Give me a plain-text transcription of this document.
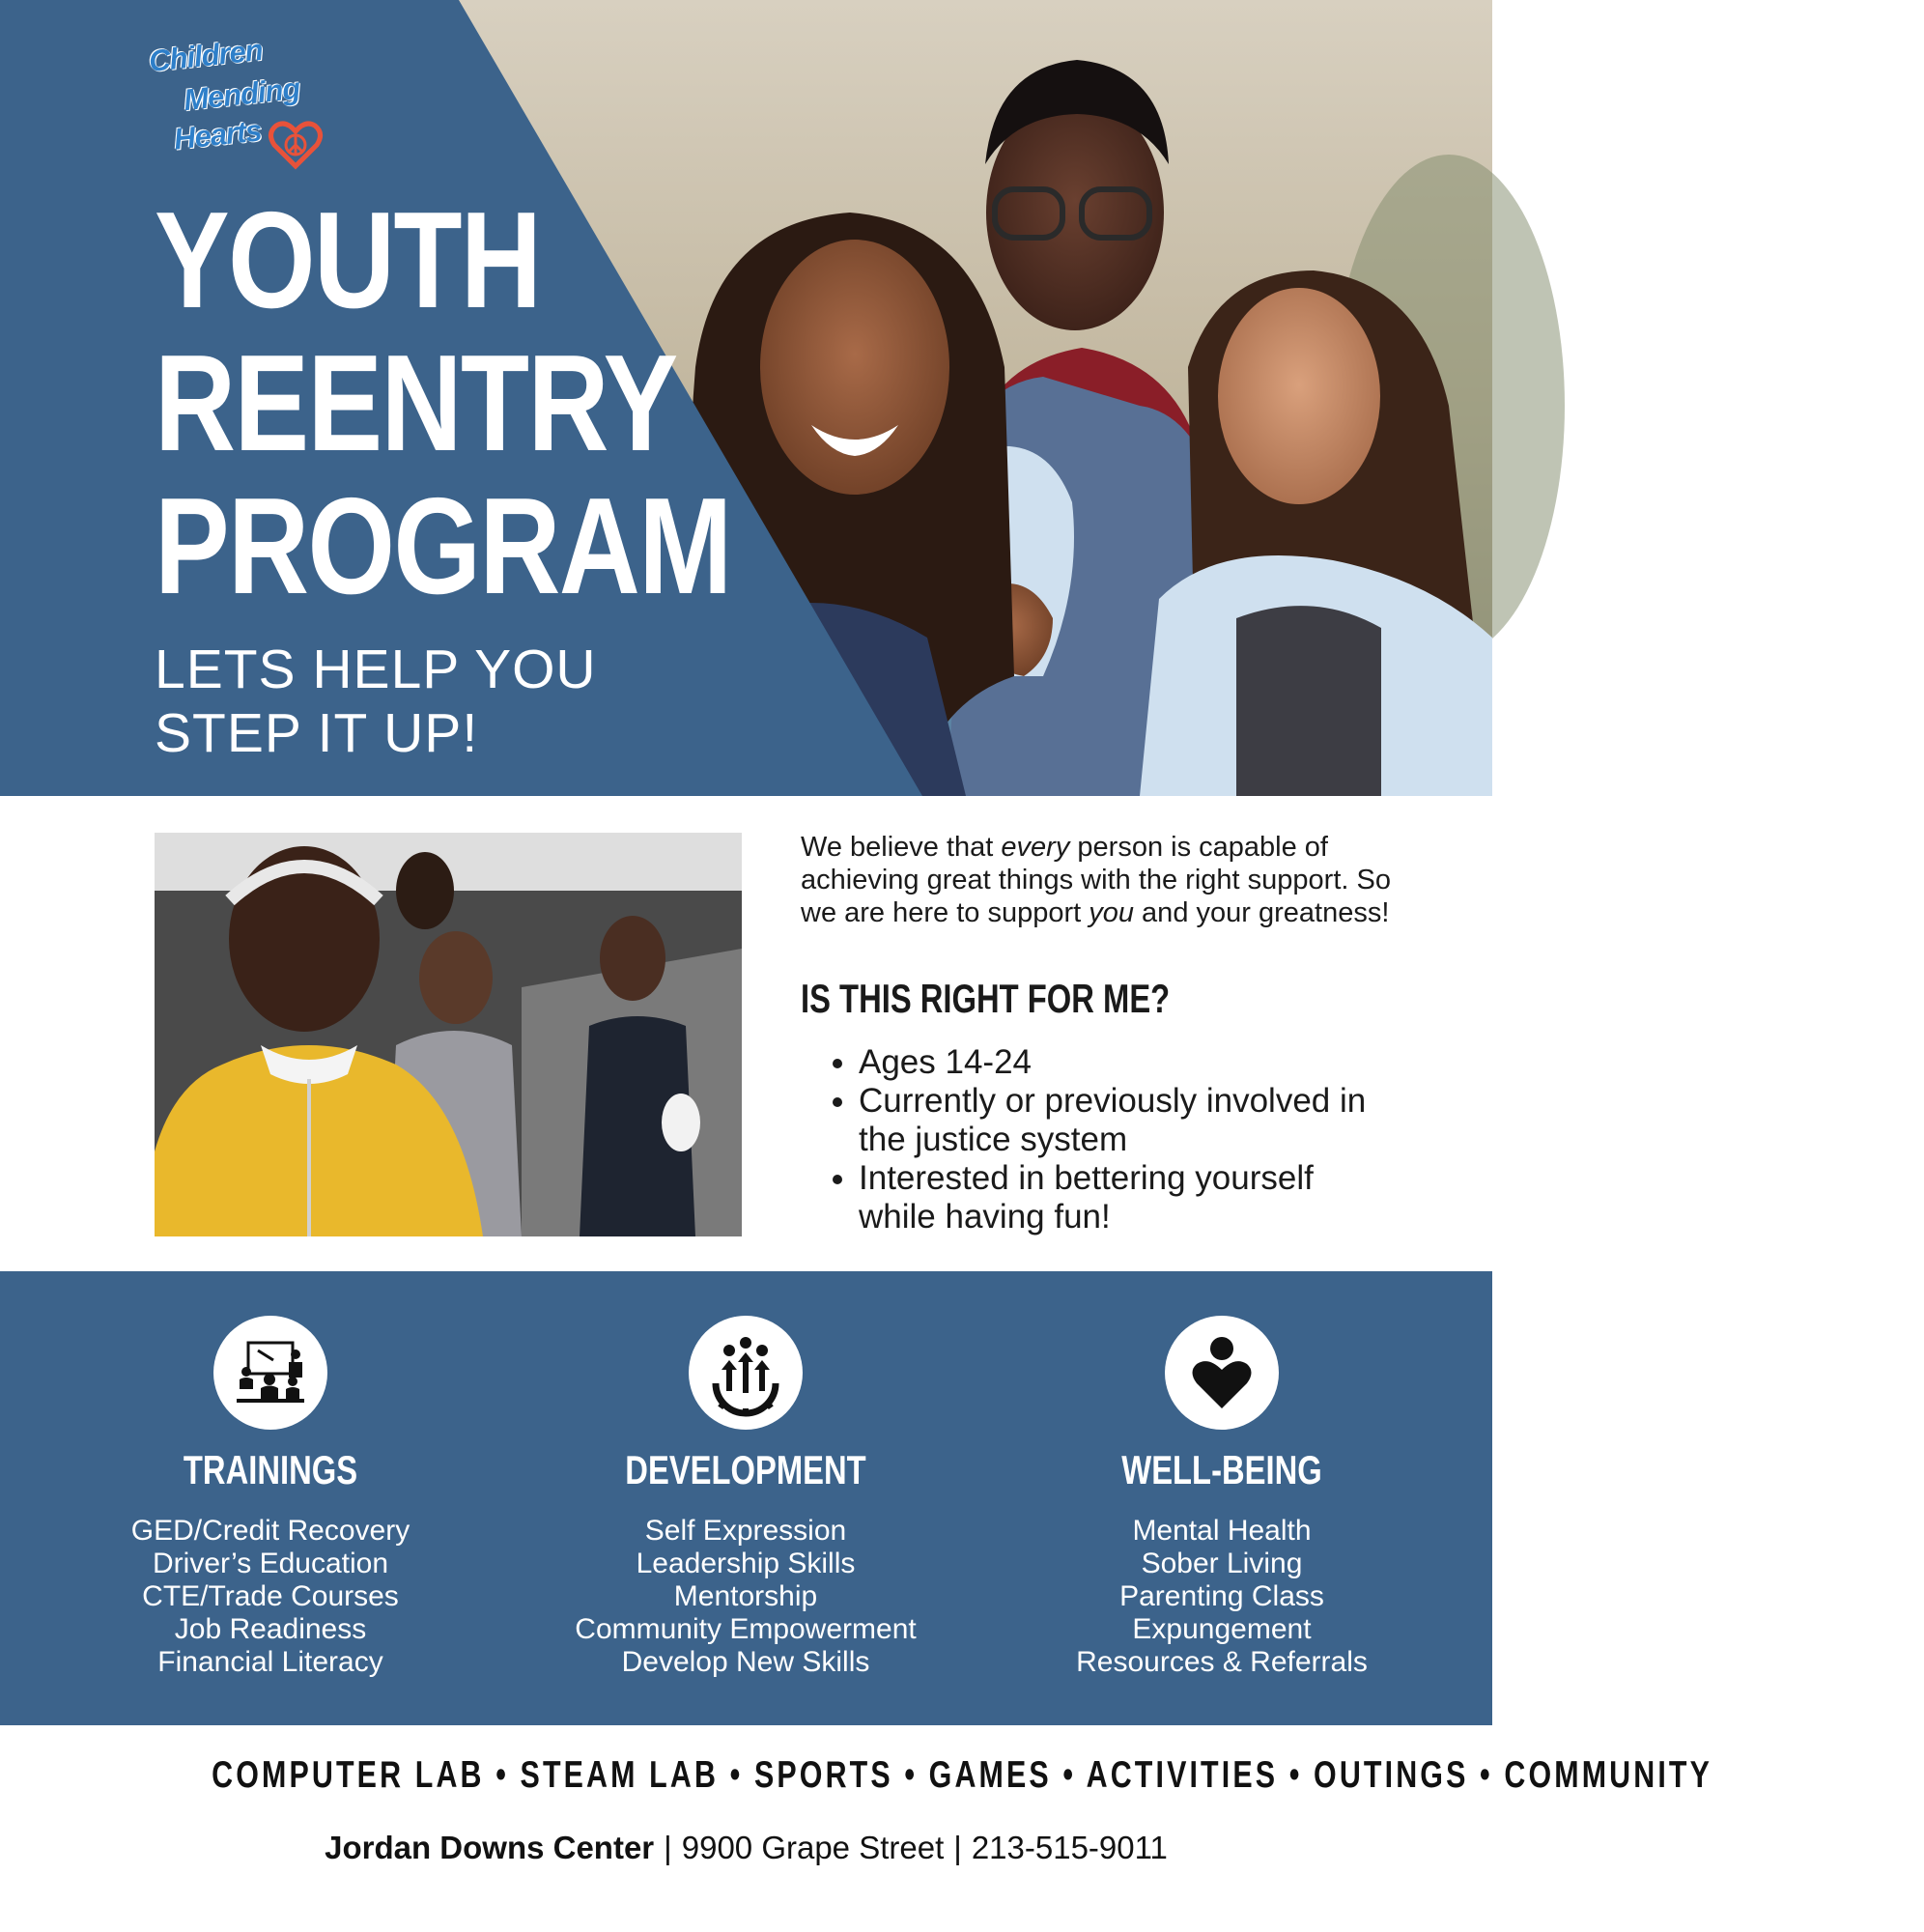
Children
Mending
Hearts
YOUTH
REENTRY
PROGRAM
LETS HELP YOU
STEP IT UP!

We believe that every person is capable of achieving great things with the right support. So we are here to support you and your greatness!

IS THIS RIGHT FOR ME?
• Ages 14-24
• Currently or previously involved in the justice system
• Interested in bettering yourself while having fun!
TRAININGS
GED/Credit Recovery
Driver’s Education
CTE/Trade Courses
Job Readiness
Financial Literacy
DEVELOPMENT
Self Expression
Leadership Skills
Mentorship
Community Empowerment
Develop New Skills
WELL-BEING
Mental Health
Sober Living
Parenting Class
Expungement
Resources & Referrals

COMPUTER LAB • STEAM LAB • SPORTS • GAMES • ACTIVITIES • OUTINGS • COMMUNITY

Jordan Downs Center | 9900 Grape Street | 213-515-9011
